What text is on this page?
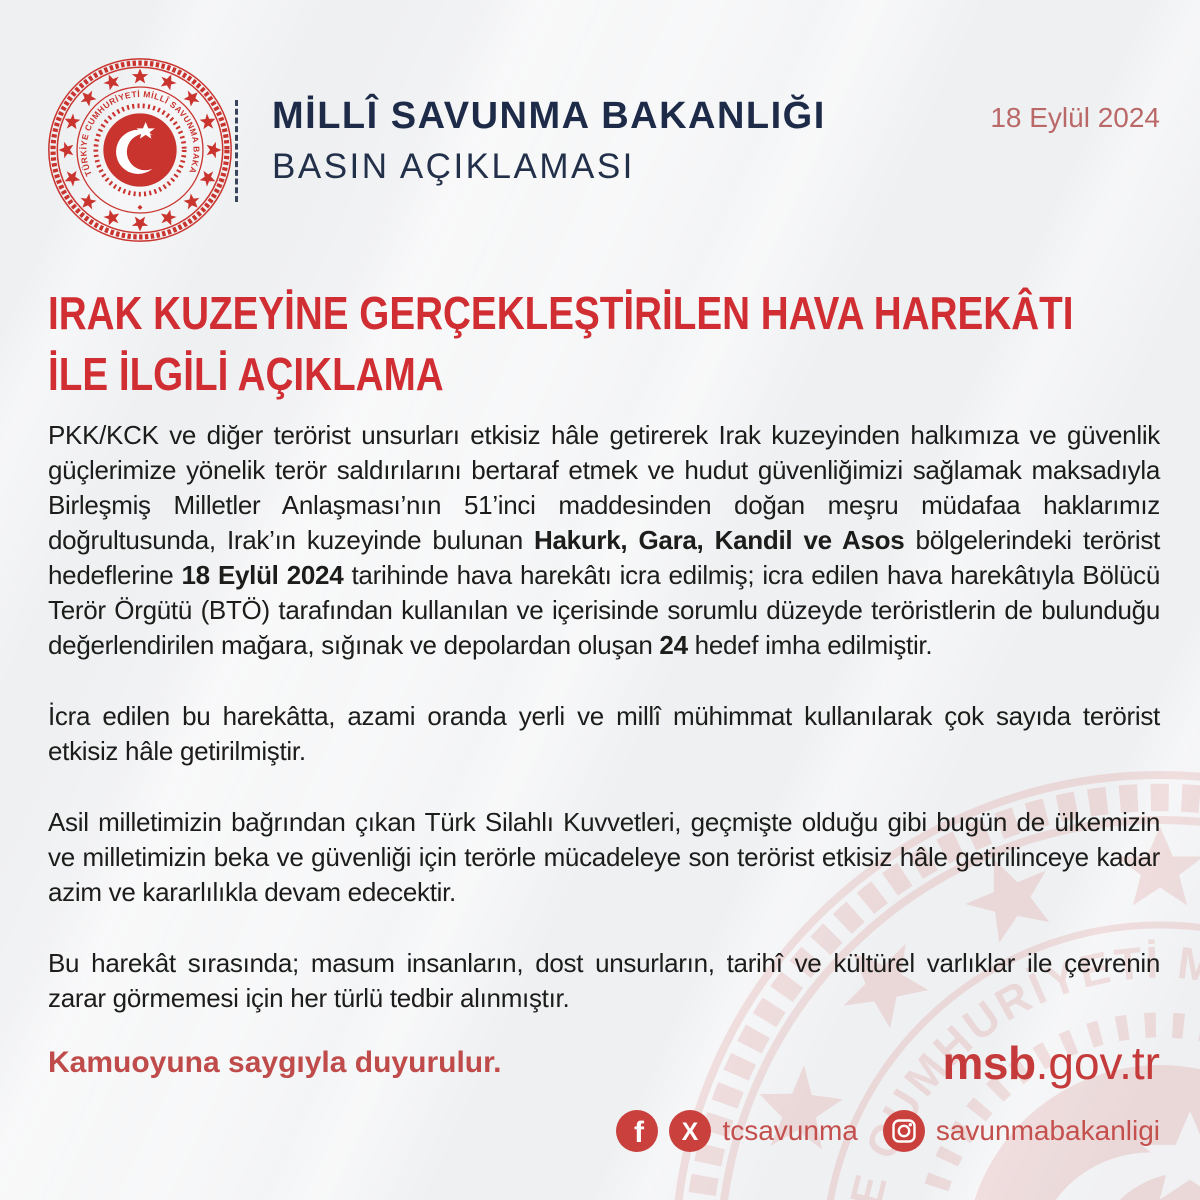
MİLLÎ SAVUNMA BAKANLIĞI
BASIN AÇIKLAMASI
18 Eylül 2024
IRAK KUZEYİNE GERÇEKLEŞTİRİLEN HAVA HAREKÂTI
İLE İLGİLİ AÇIKLAMA

PKK/KCK ve diğer terörist unsurları etkisiz hâle getirerek Irak kuzeyinden halkımıza ve güvenlik güçlerimize yönelik terör saldırılarını bertaraf etmek ve hudut güvenliğimizi sağlamak maksadıyla Birleşmiş Milletler Anlaşması’nın 51’inci maddesinden doğan meşru müdafaa haklarımız doğrultusunda, Irak’ın kuzeyinde bulunan Hakurk, Gara, Kandil ve Asos bölgelerindeki terörist hedeflerine 18 Eylül 2024 tarihinde hava harekâtı icra edilmiş; icra edilen hava harekâtıyla Bölücü Terör Örgütü (BTÖ) tarafından kullanılan ve içerisinde sorumlu düzeyde teröristlerin de bulunduğu değerlendirilen mağara, sığınak ve depolardan oluşan 24 hedef imha edilmiştir.

İcra edilen bu harekâtta, azami oranda yerli ve millî mühimmat kullanılarak çok sayıda terörist etkisiz hâle getirilmiştir.

Asil milletimizin bağrından çıkan Türk Silahlı Kuvvetleri, geçmişte olduğu gibi bugün de ülkemizin ve milletimizin beka ve güvenliği için terörle mücadeleye son terörist etkisiz hâle getirilinceye kadar azim ve kararlılıkla devam edecektir.

Bu harekât sırasında; masum insanların, dost unsurların, tarihî ve kültürel varlıklar ile çevrenin zarar görmemesi için her türlü tedbir alınmıştır.

Kamuoyuna saygıyla duyurulur.	msb.gov.tr
f X tcsavunma	savunmabakanligi
